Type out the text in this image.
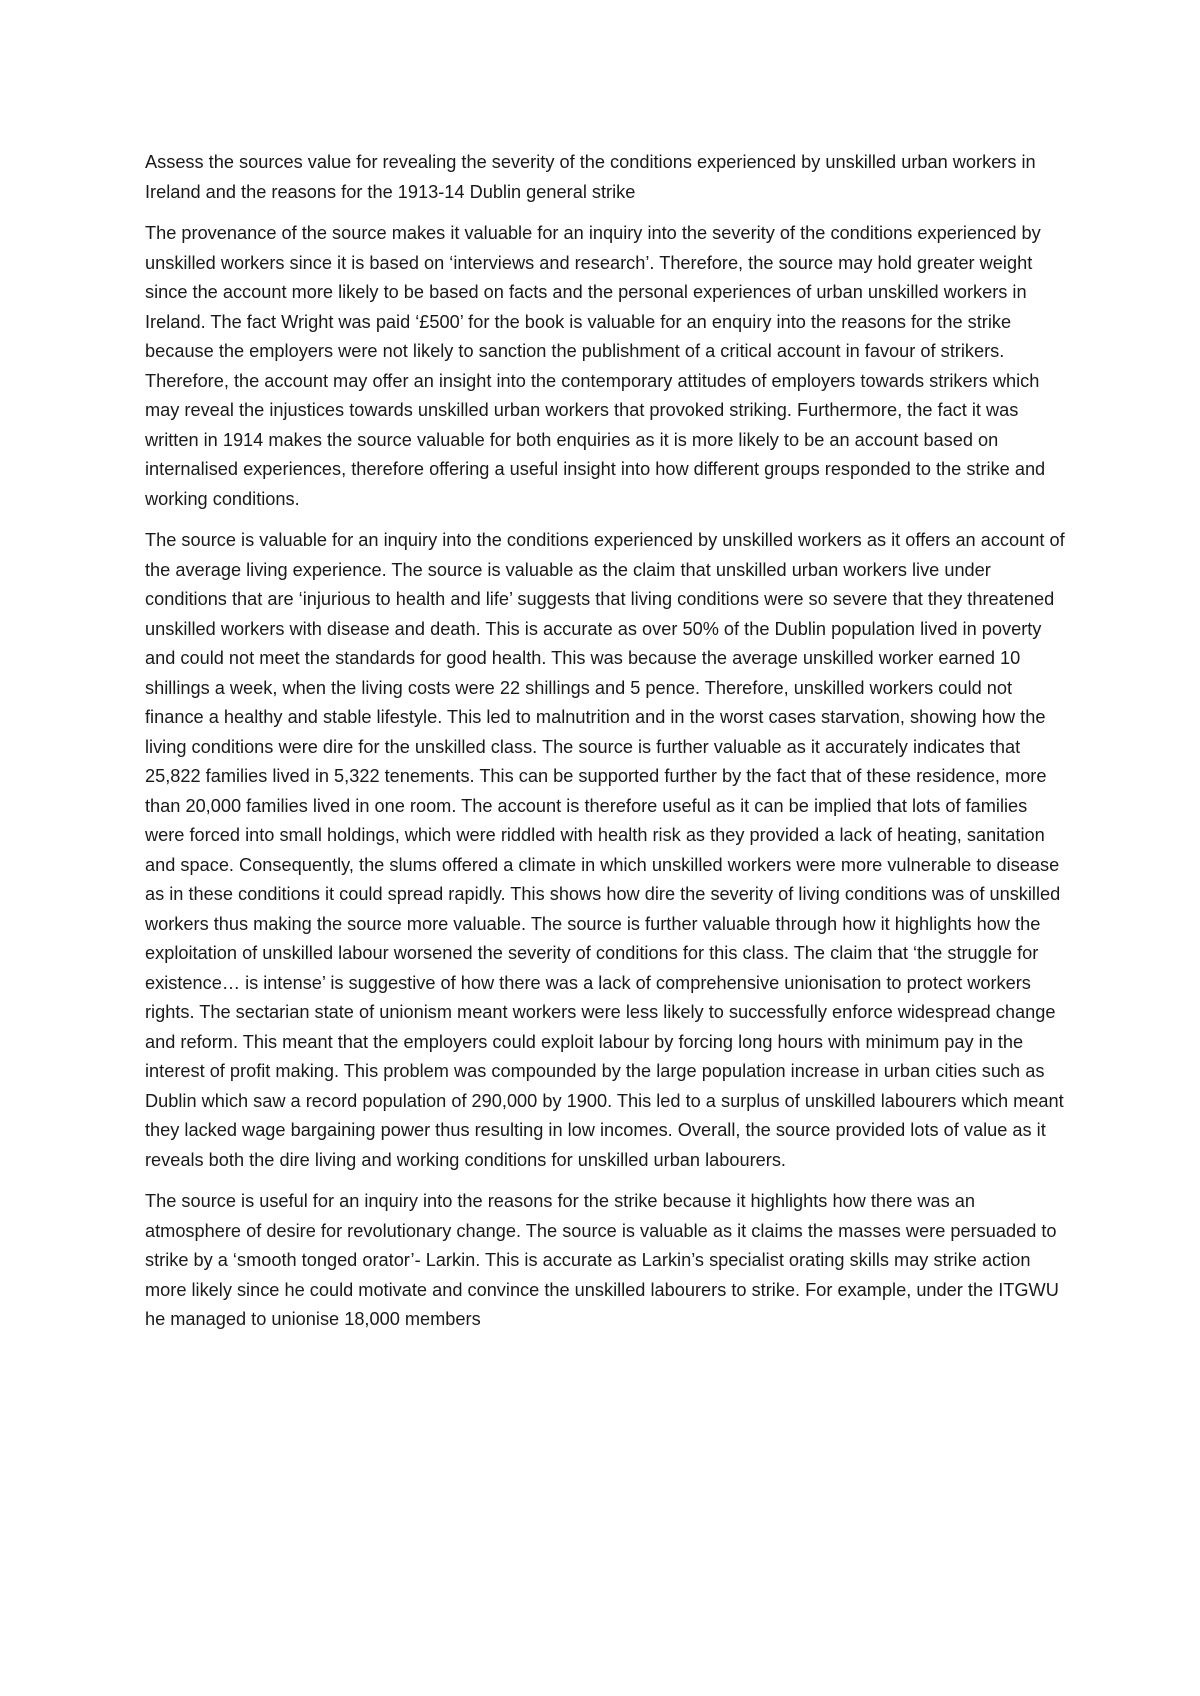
Assess the sources value for revealing the severity of the conditions experienced by unskilled urban workers in Ireland and the reasons for the 1913-14 Dublin general strike

The provenance of the source makes it valuable for an inquiry into the severity of the conditions experienced by unskilled workers since it is based on ‘interviews and research’. Therefore, the source may hold greater weight since the account more likely to be based on facts and the personal experiences of urban unskilled workers in Ireland. The fact Wright was paid ‘£500’ for the book is valuable for an enquiry into the reasons for the strike because the employers were not likely to sanction the publishment of a critical account in favour of strikers. Therefore, the account may offer an insight into the contemporary attitudes of employers towards strikers which may reveal the injustices towards unskilled urban workers that provoked striking. Furthermore, the fact it was written in 1914 makes the source valuable for both enquiries as it is more likely to be an account based on internalised experiences, therefore offering a useful insight into how different groups responded to the strike and working conditions.

The source is valuable for an inquiry into the conditions experienced by unskilled workers as it offers an account of the average living experience. The source is valuable as the claim that unskilled urban workers live under conditions that are ‘injurious to health and life’ suggests that living conditions were so severe that they threatened unskilled workers with disease and death. This is accurate as over 50% of the Dublin population lived in poverty and could not meet the standards for good health. This was because the average unskilled worker earned 10 shillings a week, when the living costs were 22 shillings and 5 pence. Therefore, unskilled workers could not finance a healthy and stable lifestyle. This led to malnutrition and in the worst cases starvation, showing how the living conditions were dire for the unskilled class. The source is further valuable as it accurately indicates that 25,822 families lived in 5,322 tenements. This can be supported further by the fact that of these residence, more than 20,000 families lived in one room. The account is therefore useful as it can be implied that lots of families were forced into small holdings, which were riddled with health risk as they provided a lack of heating, sanitation and space. Consequently, the slums offered a climate in which unskilled workers were more vulnerable to disease as in these conditions it could spread rapidly. This shows how dire the severity of living conditions was of unskilled workers thus making the source more valuable. The source is further valuable through how it highlights how the exploitation of unskilled labour worsened the severity of conditions for this class. The claim that ‘the struggle for existence… is intense’ is suggestive of how there was a lack of comprehensive unionisation to protect workers rights. The sectarian state of unionism meant workers were less likely to successfully enforce widespread change and reform. This meant that the employers could exploit labour by forcing long hours with minimum pay in the interest of profit making. This problem was compounded by the large population increase in urban cities such as Dublin which saw a record population of 290,000 by 1900. This led to a surplus of unskilled labourers which meant they lacked wage bargaining power thus resulting in low incomes. Overall, the source provided lots of value as it reveals both the dire living and working conditions for unskilled urban labourers.

The source is useful for an inquiry into the reasons for the strike because it highlights how there was an atmosphere of desire for revolutionary change. The source is valuable as it claims the masses were persuaded to strike by a ‘smooth tonged orator’- Larkin. This is accurate as Larkin’s specialist orating skills may strike action more likely since he could motivate and convince the unskilled labourers to strike. For example, under the ITGWU he managed to unionise 18,000 members
